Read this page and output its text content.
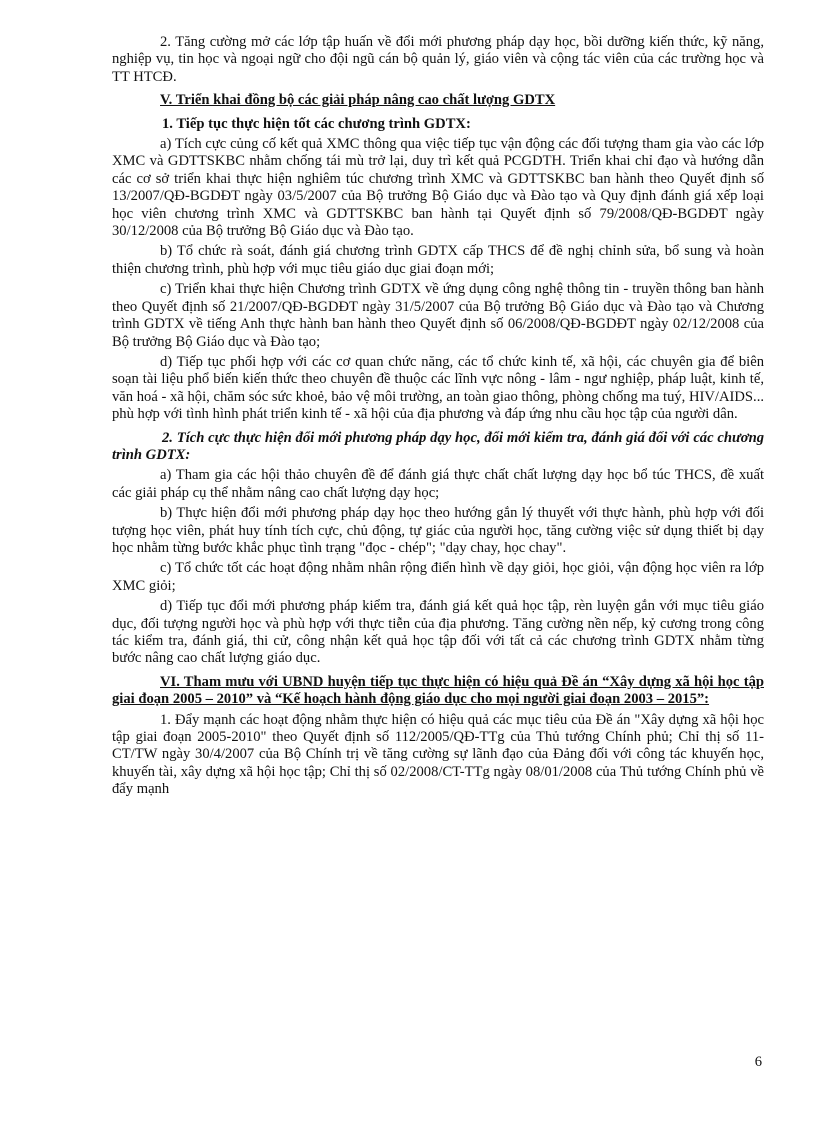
2. Tăng cường mở các lớp tập huấn về đổi mới phương pháp dạy học, bồi dưỡng kiến thức, kỹ năng, nghiệp vụ, tin học và ngoại ngữ cho đội ngũ cán bộ quản lý, giáo viên và cộng tác viên của các trường học và TT HTCĐ.

V. Triển khai đồng bộ các giải pháp nâng cao chất lượng GDTX
1. Tiếp tục thực hiện tốt các chương trình GDTX:

a) Tích cực củng cố kết quả XMC thông qua việc tiếp tục vận động các đối tượng tham gia vào các lớp XMC và GDTTSKBC nhằm chống tái mù trở lại, duy trì kết quả PCGDTH. Triển khai chỉ đạo và hướng dẫn các cơ sở triển khai thực hiện nghiêm túc chương trình XMC và GDTTSKBC ban hành theo Quyết định số 13/2007/QĐ-BGDĐT ngày 03/5/2007 của Bộ trưởng Bộ Giáo dục và Đào tạo và Quy định đánh giá xếp loại học viên chương trình XMC và GDTTSKBC ban hành tại Quyết định số 79/2008/QĐ-BGDĐT ngày 30/12/2008 của Bộ trưởng Bộ Giáo dục và Đào tạo.

b) Tổ chức rà soát, đánh giá chương trình GDTX cấp THCS để đề nghị chỉnh sửa, bổ sung và hoàn thiện chương trình, phù hợp với mục tiêu giáo dục giai đoạn mới;

c) Triển khai thực hiện Chương trình GDTX về ứng dụng công nghệ thông tin - truyền thông ban hành theo Quyết định số 21/2007/QĐ-BGDĐT ngày 31/5/2007 của Bộ trưởng Bộ Giáo dục và Đào tạo và Chương trình GDTX về tiếng Anh thực hành ban hành theo Quyết định số 06/2008/QĐ-BGDĐT ngày 02/12/2008 của Bộ trưởng Bộ Giáo dục và Đào tạo;

d) Tiếp tục phối hợp với các cơ quan chức năng, các tổ chức kinh tế, xã hội, các chuyên gia để biên soạn tài liệu phổ biến kiến thức theo chuyên đề thuộc các lĩnh vực nông - lâm - ngư nghiệp, pháp luật, kinh tế, văn hoá - xã hội, chăm sóc sức khoẻ, bảo vệ môi trường, an toàn giao thông, phòng chống ma tuý, HIV/AIDS... phù hợp với tình hình phát triển kinh tế - xã hội của địa phương và đáp ứng nhu cầu học tập của người dân.

2. Tích cực thực hiện đổi mới phương pháp dạy học, đổi mới kiểm tra, đánh giá đối với các chương trình GDTX:

a) Tham gia các hội thảo chuyên đề để đánh giá thực chất chất lượng dạy học bổ túc THCS, đề xuất các giải pháp cụ thể nhằm nâng cao chất lượng dạy học;

b) Thực hiện đổi mới phương pháp dạy học theo hướng gắn lý thuyết với thực hành, phù hợp với đối tượng học viên, phát huy tính tích cực, chủ động, tự giác của người học, tăng cường việc sử dụng thiết bị dạy học nhằm từng bước khắc phục tình trạng "đọc - chép"; "dạy chay, học chay".

c) Tổ chức tốt các hoạt động nhằm nhân rộng điển hình về dạy giỏi, học giỏi, vận động học viên ra lớp XMC giỏi;

d) Tiếp tục đổi mới phương pháp kiểm tra, đánh giá kết quả học tập, rèn luyện gắn với mục tiêu giáo dục, đối tượng người học và phù hợp với thực tiễn của địa phương. Tăng cường nền nếp, kỷ cương trong công tác kiểm tra, đánh giá, thi cử, công nhận kết quả học tập đối với tất cả các chương trình GDTX nhằm từng bước nâng cao chất lượng giáo dục.

VI. Tham mưu với UBND huyện tiếp tục thực hiện có hiệu quả Đề án “Xây dựng xã hội học tập giai đoạn 2005 – 2010” và “Kế hoạch hành động giáo dục cho mọi người giai đoạn 2003 – 2015”:

1. Đẩy mạnh các hoạt động nhằm thực hiện có hiệu quả các mục tiêu của Đề án "Xây dựng xã hội học tập giai đoạn 2005-2010" theo Quyết định số 112/2005/QĐ-TTg của Thủ tướng Chính phủ; Chỉ thị số 11- CT/TW ngày 30/4/2007 của Bộ Chính trị về tăng cường sự lãnh đạo của Đảng đối với công tác khuyến học, khuyến tài, xây dựng xã hội học tập; Chỉ thị số 02/2008/CT-TTg ngày 08/01/2008 của Thủ tướng Chính phủ về đẩy mạnh

6
